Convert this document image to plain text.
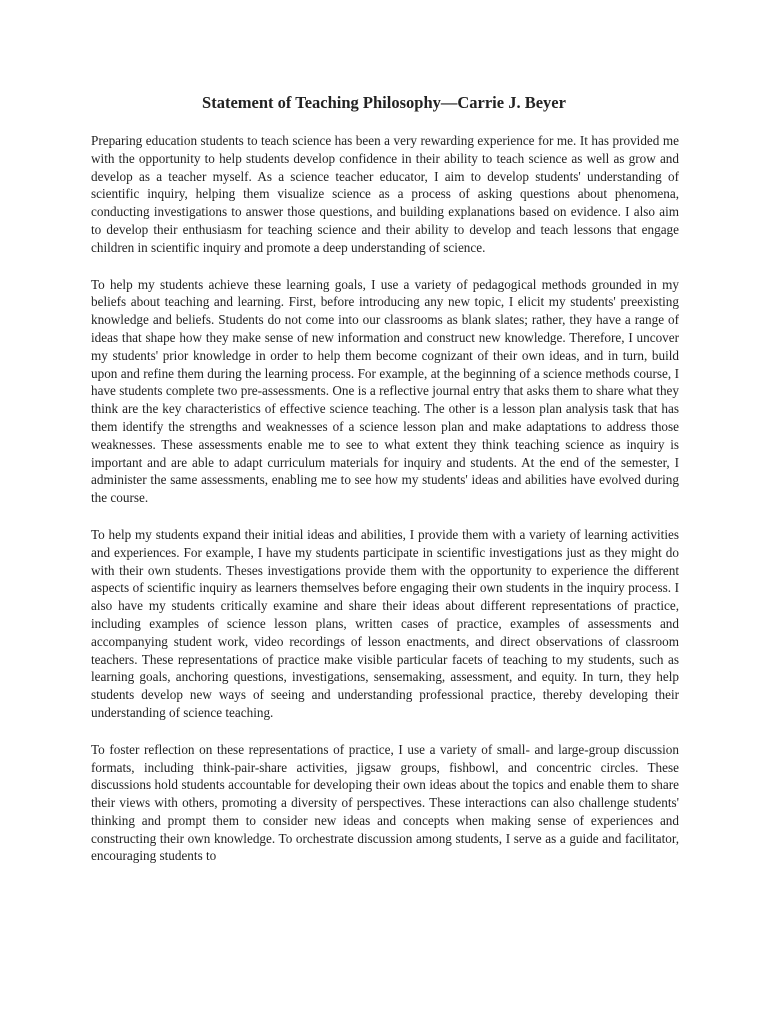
Statement of Teaching Philosophy—Carrie J. Beyer

Preparing education students to teach science has been a very rewarding experience for me. It has provided me with the opportunity to help students develop confidence in their ability to teach science as well as grow and develop as a teacher myself. As a science teacher educator, I aim to develop students' understanding of scientific inquiry, helping them visualize science as a process of asking questions about phenomena, conducting investigations to answer those questions, and building explanations based on evidence. I also aim to develop their enthusiasm for teaching science and their ability to develop and teach lessons that engage children in scientific inquiry and promote a deep understanding of science.

To help my students achieve these learning goals, I use a variety of pedagogical methods grounded in my beliefs about teaching and learning. First, before introducing any new topic, I elicit my students' preexisting knowledge and beliefs. Students do not come into our classrooms as blank slates; rather, they have a range of ideas that shape how they make sense of new information and construct new knowledge. Therefore, I uncover my students' prior knowledge in order to help them become cognizant of their own ideas, and in turn, build upon and refine them during the learning process. For example, at the beginning of a science methods course, I have students complete two pre-assessments. One is a reflective journal entry that asks them to share what they think are the key characteristics of effective science teaching. The other is a lesson plan analysis task that has them identify the strengths and weaknesses of a science lesson plan and make adaptations to address those weaknesses. These assessments enable me to see to what extent they think teaching science as inquiry is important and are able to adapt curriculum materials for inquiry and students. At the end of the semester, I administer the same assessments, enabling me to see how my students' ideas and abilities have evolved during the course.

To help my students expand their initial ideas and abilities, I provide them with a variety of learning activities and experiences. For example, I have my students participate in scientific investigations just as they might do with their own students. Theses investigations provide them with the opportunity to experience the different aspects of scientific inquiry as learners themselves before engaging their own students in the inquiry process. I also have my students critically examine and share their ideas about different representations of practice, including examples of science lesson plans, written cases of practice, examples of assessments and accompanying student work, video recordings of lesson enactments, and direct observations of classroom teachers. These representations of practice make visible particular facets of teaching to my students, such as learning goals, anchoring questions, investigations, sensemaking, assessment, and equity. In turn, they help students develop new ways of seeing and understanding professional practice, thereby developing their understanding of science teaching.

To foster reflection on these representations of practice, I use a variety of small- and large-group discussion formats, including think-pair-share activities, jigsaw groups, fishbowl, and concentric circles. These discussions hold students accountable for developing their own ideas about the topics and enable them to share their views with others, promoting a diversity of perspectives. These interactions can also challenge students' thinking and prompt them to consider new ideas and concepts when making sense of experiences and constructing their own knowledge. To orchestrate discussion among students, I serve as a guide and facilitator, encouraging students to
